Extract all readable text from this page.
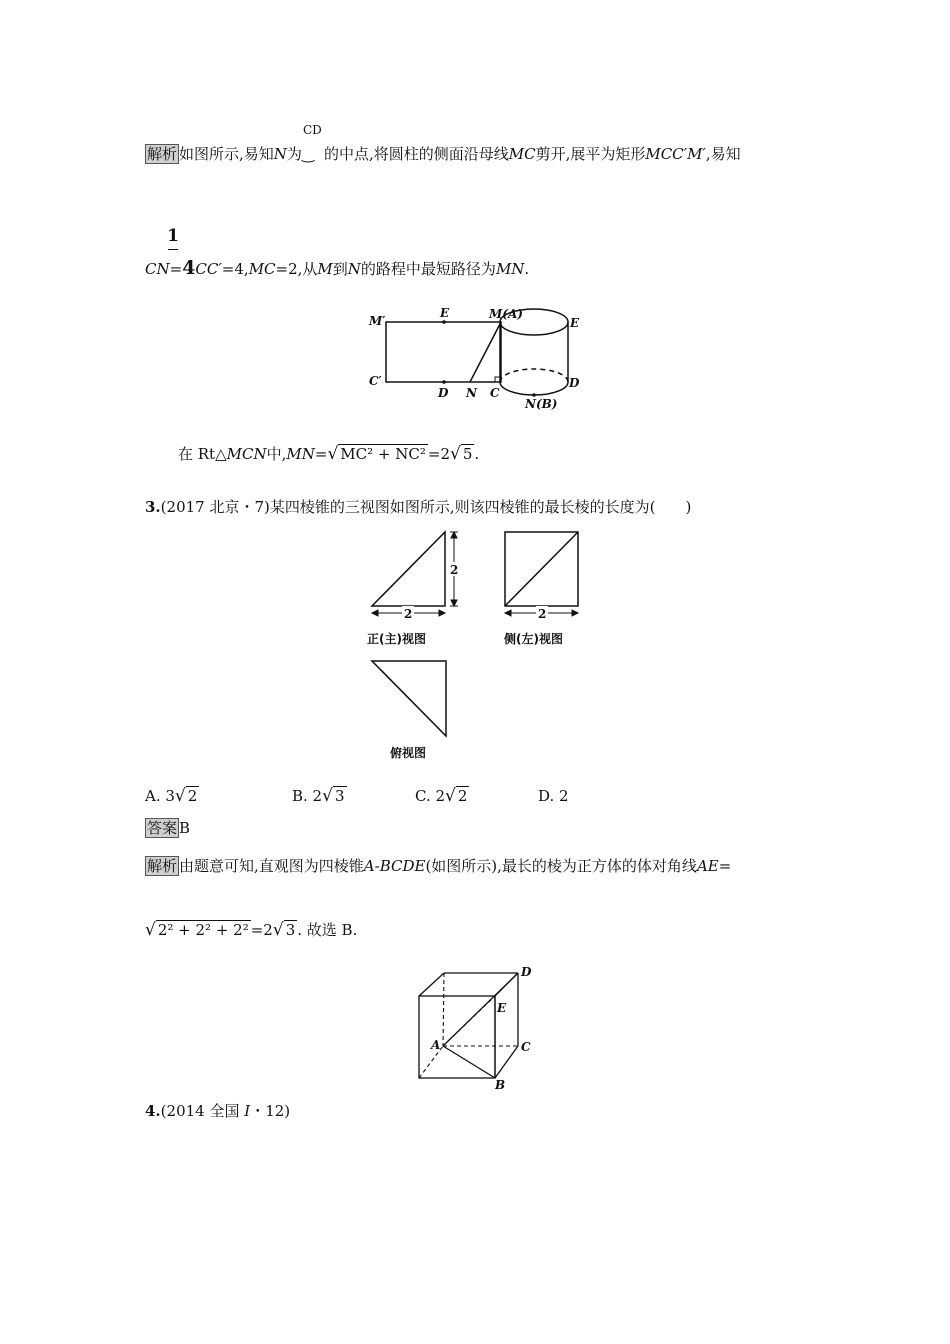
解析 如图所示,易知N为
CD
‿ 的中点,将圆柱的侧面沿母线MC剪开,展平为矩形MCC′M′,易知
1
CN=4CC′=4,MC=2,从M到N的路程中最短路径为MN.
M′
E	M(A)
E
C′
D N C
N(B)
D
在 Rt△MCN中,MN=√ MC² + NC² =2√ 5 .
3.(2017 北京・7)某四棱锥的三视图如图所示,则该四棱锥的最长棱的长度为(　　)
2
2	2
正(主)视图	侧(左)视图
俯视图
A. 3√ 2	B. 2√ 3	C. 2√ 2	D. 2
答案 B
解析 由题意可知,直观图为四棱锥A-BCDE(如图所示),最长的棱为正方体的体对角线AE=
√ 2² + 2² + 2² =2√ 3 . 故选 B.
D
E
A	C
B
4.(2014 全国 Ⅰ・12)
